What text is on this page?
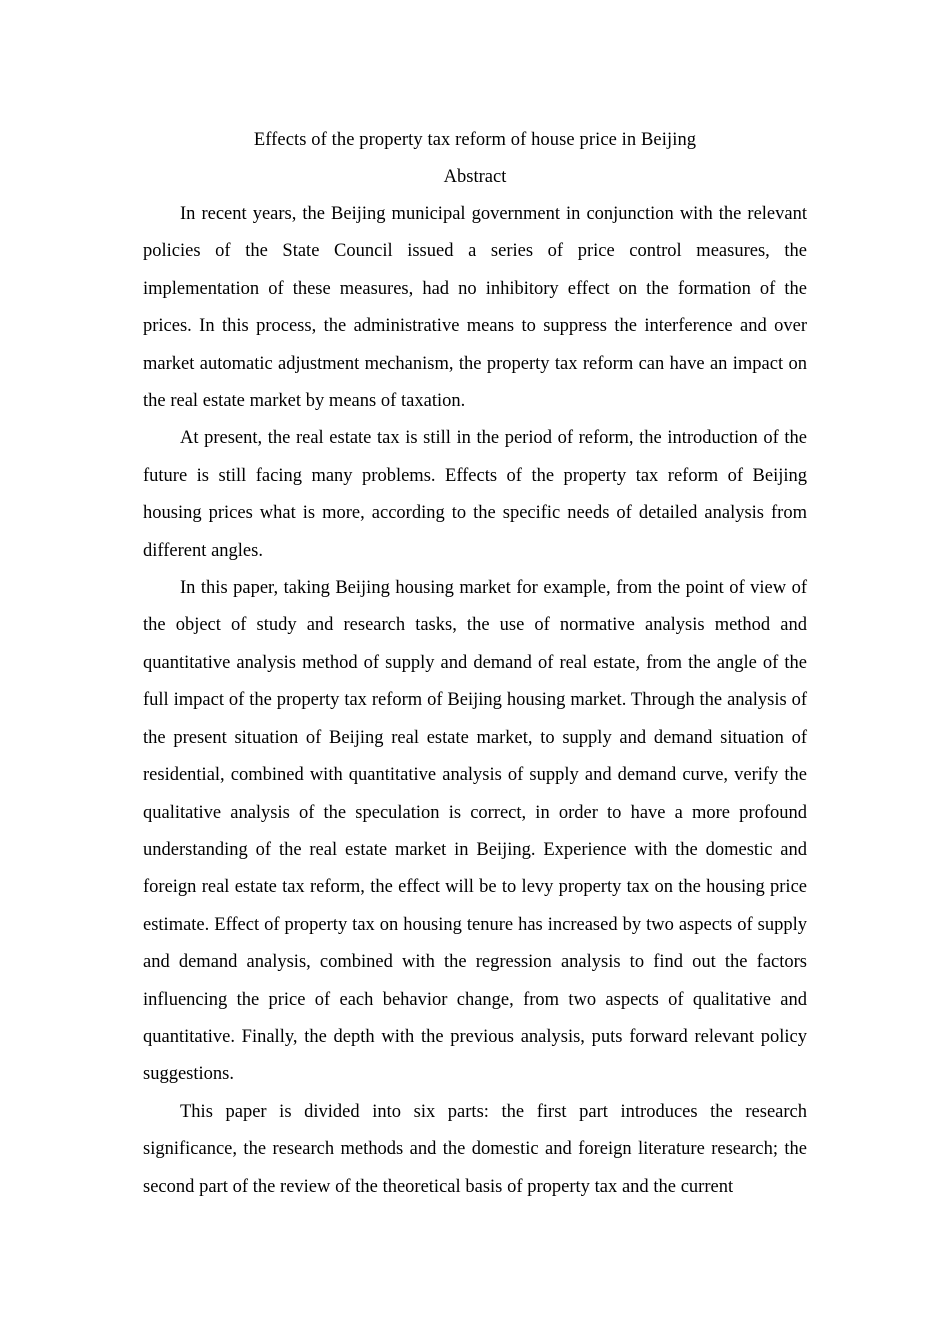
Effects of the property tax reform of house price in Beijing
Abstract

In recent years, the Beijing municipal government in conjunction with the relevant policies of the State Council issued a series of price control measures, the implementation of these measures, had no inhibitory effect on the formation of the prices. In this process, the administrative means to suppress the interference and over market automatic adjustment mechanism, the property tax reform can have an impact on the real estate market by means of taxation.

At present, the real estate tax is still in the period of reform, the introduction of the future is still facing many problems. Effects of the property tax reform of Beijing housing prices what is more, according to the specific needs of detailed analysis from different angles.

In this paper, taking Beijing housing market for example, from the point of view of the object of study and research tasks, the use of normative analysis method and quantitative analysis method of supply and demand of real estate, from the angle of the full impact of the property tax reform of Beijing housing market. Through the analysis of the present situation of Beijing real estate market, to supply and demand situation of residential, combined with quantitative analysis of supply and demand curve, verify the qualitative analysis of the speculation is correct, in order to have a more profound understanding of the real estate market in Beijing. Experience with the domestic and foreign real estate tax reform, the effect will be to levy property tax on the housing price estimate. Effect of property tax on housing tenure has increased by two aspects of supply and demand analysis, combined with the regression analysis to find out the factors influencing the price of each behavior change, from two aspects of qualitative and quantitative. Finally, the depth with the previous analysis, puts forward relevant policy suggestions.

This paper is divided into six parts: the first part introduces the research significance, the research methods and the domestic and foreign literature research; the second part of the review of the theoretical basis of property tax and the current
